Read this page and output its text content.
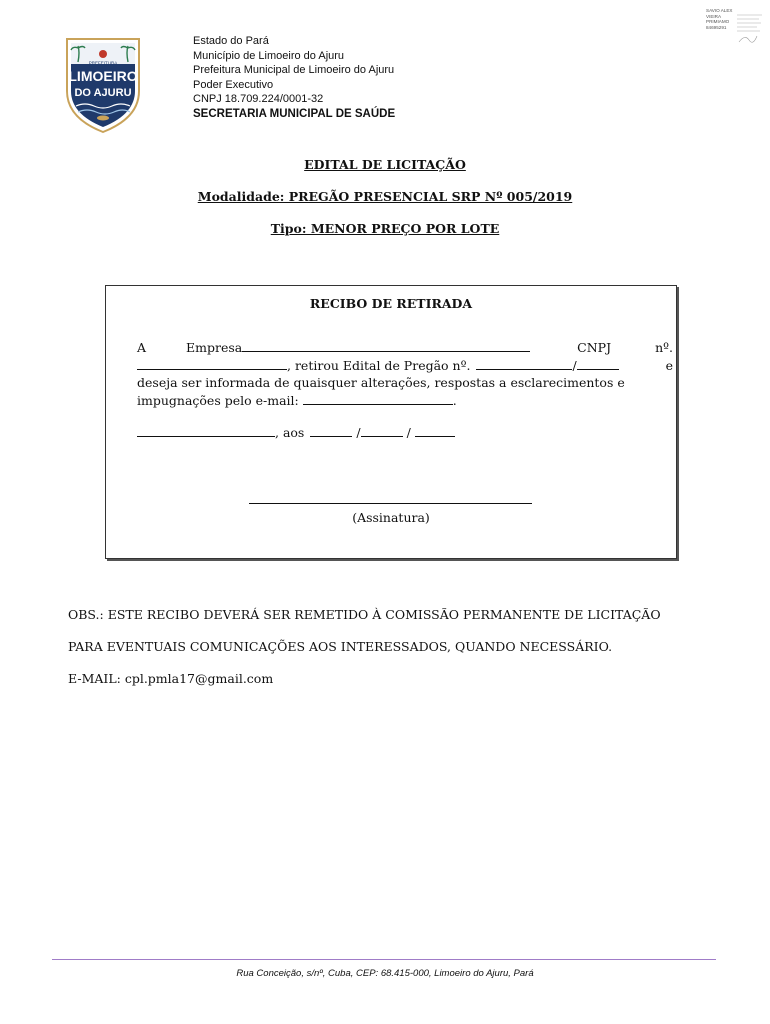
SAVIO ALEX
VIEIRA
PRIMIAMO
84695291
PREFEITURA
LIMOEIRO
DO AJURU
Estado do Pará
Município de Limoeiro do Ajuru
Prefeitura Municipal de Limoeiro do Ajuru
Poder Executivo
CNPJ 18.709.224/0001-32
SECRETARIA MUNICIPAL DE SAÚDE
EDITAL DE LICITAÇÃO
Modalidade: PREGÃO PRESENCIAL SRP Nº 005/2019
Tipo: MENOR PREÇO POR LOTE
RECIBO DE RETIRADA
A	Empresa	CNPJ	nº.
, retirou Edital de Pregão nº.	/	e
deseja ser informada de quaisquer alterações, respostas a esclarecimentos e
impugnações pelo e-mail:	.
, aos	/	/
(Assinatura)
OBS.: ESTE RECIBO DEVERÁ SER REMETIDO À COMISSÃO PERMANENTE DE LICITAÇÃO
PARA EVENTUAIS COMUNICAÇÕES AOS INTERESSADOS, QUANDO NECESSÁRIO.
E-MAIL: cpl.pmla17@gmail.com
Rua Conceição, s/nº, Cuba, CEP: 68.415-000, Limoeiro do Ajuru, Pará
